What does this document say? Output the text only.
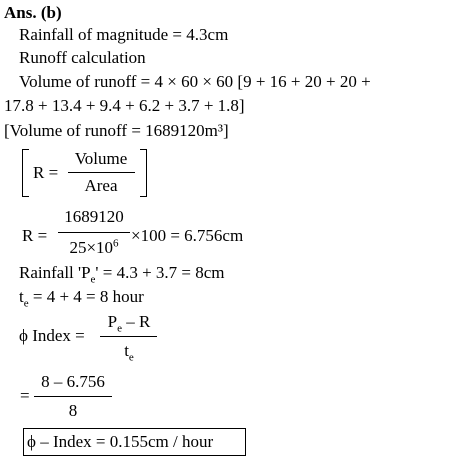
Ans. (b)
Rainfall of magnitude = 4.3cm
Runoff calculation
Volume of runoff = 4 × 60 × 60 [9 + 16 + 20 + 20 +
17.8 + 13.4 + 9.4 + 6.2 + 3.7 + 1.8]
[Volume of runoff = 1689120m³]
R =
Volume
Area
R =
1689120
$25\times 10^6 \times 100 = 6.756cm$
Rainfall '$P_e' = 4.3 + 3.7 = 8cm$
$t_e = 4 + 4 = 8$ hour
ϕ Index =
$P_e$ – R
$t_e$
=
8 – 6.756
8
ϕ – Index = 0.155cm / hour
